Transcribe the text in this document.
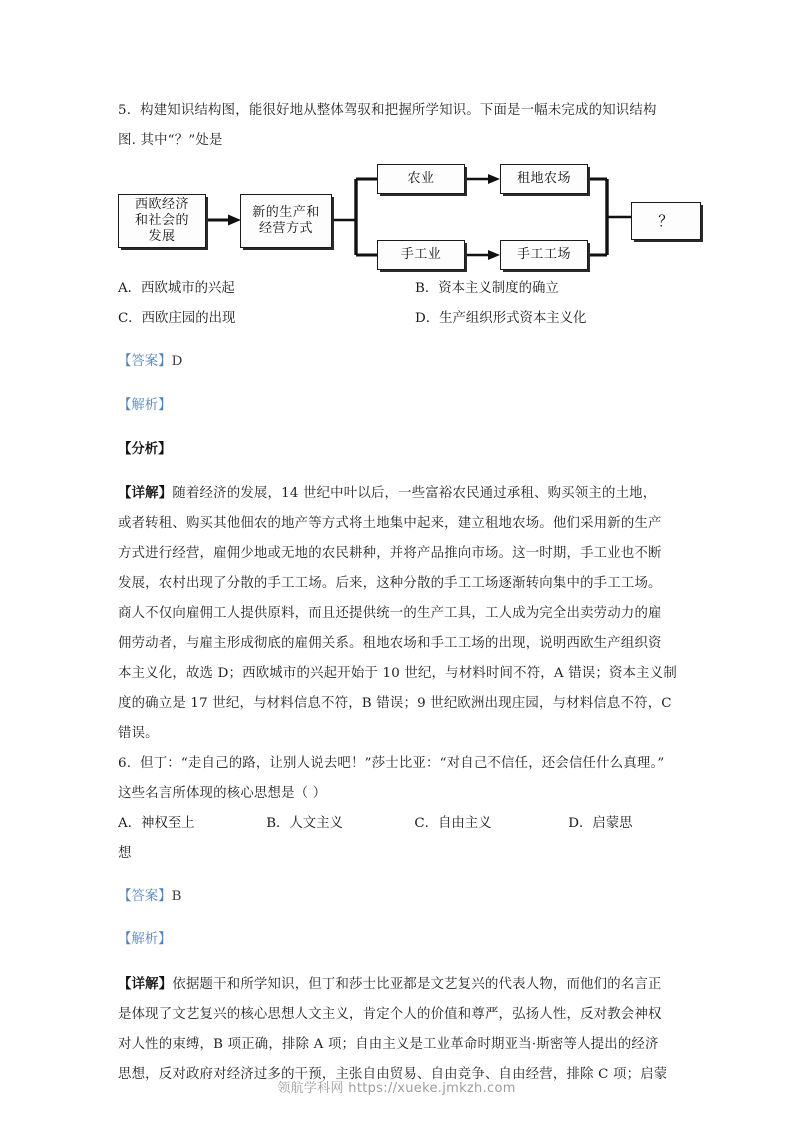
5. 构建知识结构图，能很好地从整体驾驭和把握所学知识。下面是一幅未完成的知识结构

图. 其中“？”处是

西欧经济
和社会的
发展
新的生产和
经营方式
农业
手工业
租地农场
手工工场
？
A．西欧城市的兴起	B．资本主义制度的确立
C．西欧庄园的出现	D．生产组织形式资本主义化

【答案】D

【解析】

【分析】

【详解】随着经济的发展，14 世纪中叶以后，一些富裕农民通过承租、购买领主的土地，

或者转租、购买其他佃农的地产等方式将土地集中起来，建立租地农场。他们采用新的生产

方式进行经营，雇佣少地或无地的农民耕种，并将产品推向市场。这一时期，手工业也不断

发展，农村出现了分散的手工工场。后来，这种分散的手工工场逐渐转向集中的手工工场。

商人不仅向雇佣工人提供原料，而且还提供统一的生产工具，工人成为完全出卖劳动力的雇

佣劳动者，与雇主形成彻底的雇佣关系。租地农场和手工工场的出现，说明西欧生产组织资

本主义化，故选 D；西欧城市的兴起开始于 10 世纪，与材料时间不符，A 错误；资本主义制

度的确立是 17 世纪，与材料信息不符，B 错误；9 世纪欧洲出现庄园，与材料信息不符，C

错误。

6. 但丁：“走自己的路，让别人说去吧！”莎士比亚：“对自己不信任，还会信任什么真理。”

这些名言所体现的核心思想是（ ）

A．神权至上	B．人文主义	C．自由主义	D．启蒙思

想

【答案】B

【解析】

【详解】依据题干和所学知识，但丁和莎士比亚都是文艺复兴的代表人物，而他们的名言正

是体现了文艺复兴的核心思想人文主义，肯定个人的价值和尊严，弘扬人性，反对教会神权

对人性的束缚，B 项正确，排除 A 项；自由主义是工业革命时期亚当·斯密等人提出的经济

思想，反对政府对经济过多的干预，主张自由贸易、自由竞争、自由经营，排除 C 项；启蒙

领航学科网 https://xueke.jmkzh.com
